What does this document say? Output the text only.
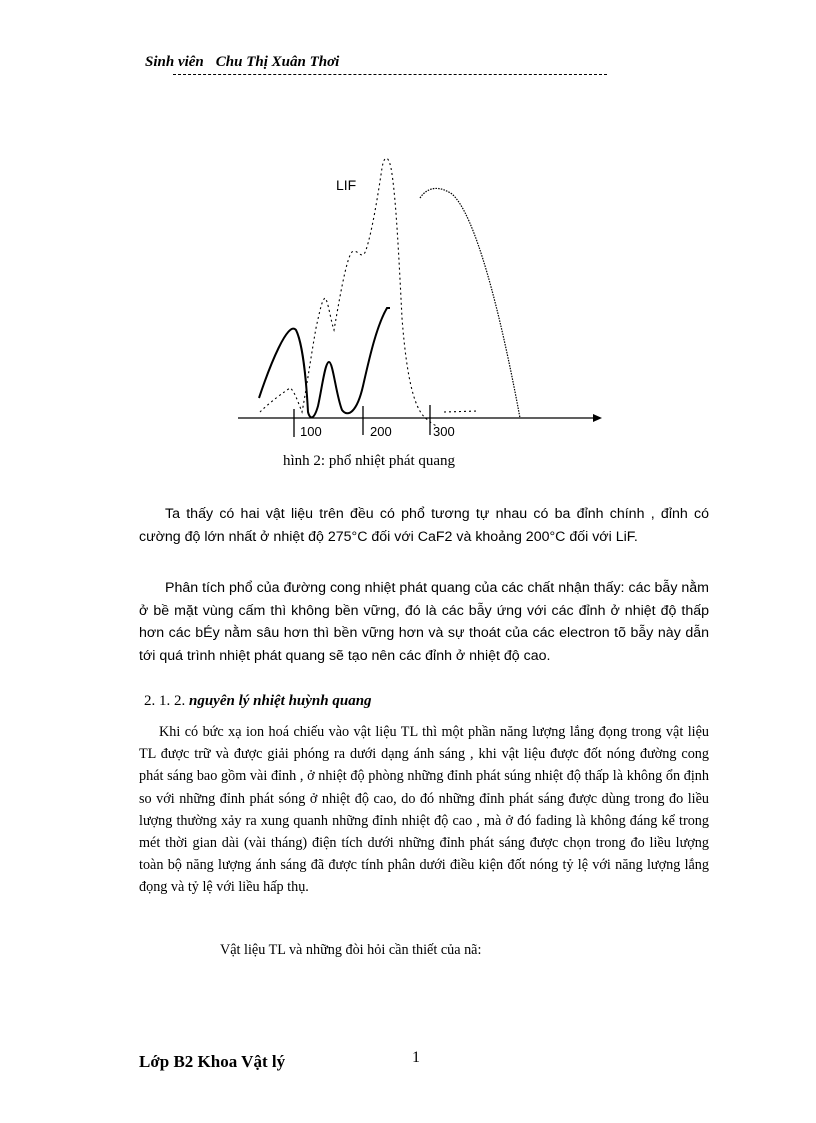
Sinh viên Chu Thị Xuân Thơi
100	200	300
LIF
hình 2: phổ nhiệt phát quang

Ta thấy có hai vật liệu trên đều có phổ tương tự nhau có ba đỉnh chính , đỉnh có cường độ lớn nhất ở nhiệt độ 275°C đối với CaF2 và khoảng 200°C đối với LiF.

Phân tích phổ của đường cong nhiệt phát quang của các chất nhận thấy: các bẫy nằm ở bề mặt vùng cấm thì không bền vững, đó là các bẫy ứng với các đỉnh ở nhiệt độ thấp hơn các bÉy nằm sâu hơn thì bền vững hơn và sự thoát của các electron tõ bẫy này dẫn tới quá trình nhiệt phát quang sẽ tạo nên các đỉnh ở nhiệt độ cao.

2. 1. 2. nguyên lý nhiệt huỳnh quang

Khi có bức xạ ion hoá chiếu vào vật liệu TL thì một phần năng lượng lắng đọng trong vật liệu TL được trữ và được giải phóng ra dưới dạng ánh sáng , khi vật liệu được đốt nóng đường cong phát sáng bao gồm vài đỉnh , ở nhiệt độ phòng những đỉnh phát súng nhiệt độ thấp là không ổn định so với những đỉnh phát sóng ở nhiệt độ cao, do đó những đỉnh phát sáng được dùng trong đo liều lượng thường xảy ra xung quanh những đỉnh nhiệt độ cao , mà ở đó fading là không đáng kể trong mét thời gian dài (vài tháng) điện tích dưới những đỉnh phát sáng được chọn trong đo liều lượng toàn bộ năng lượng ánh sáng đã được tính phân dưới điều kiện đốt nóng tỷ lệ với năng lượng lắng đọng và tỷ lệ với liều hấp thụ.

Vật liệu TL và những đòi hỏi cần thiết của nã:
Lớp B2 Khoa Vật lý	1
